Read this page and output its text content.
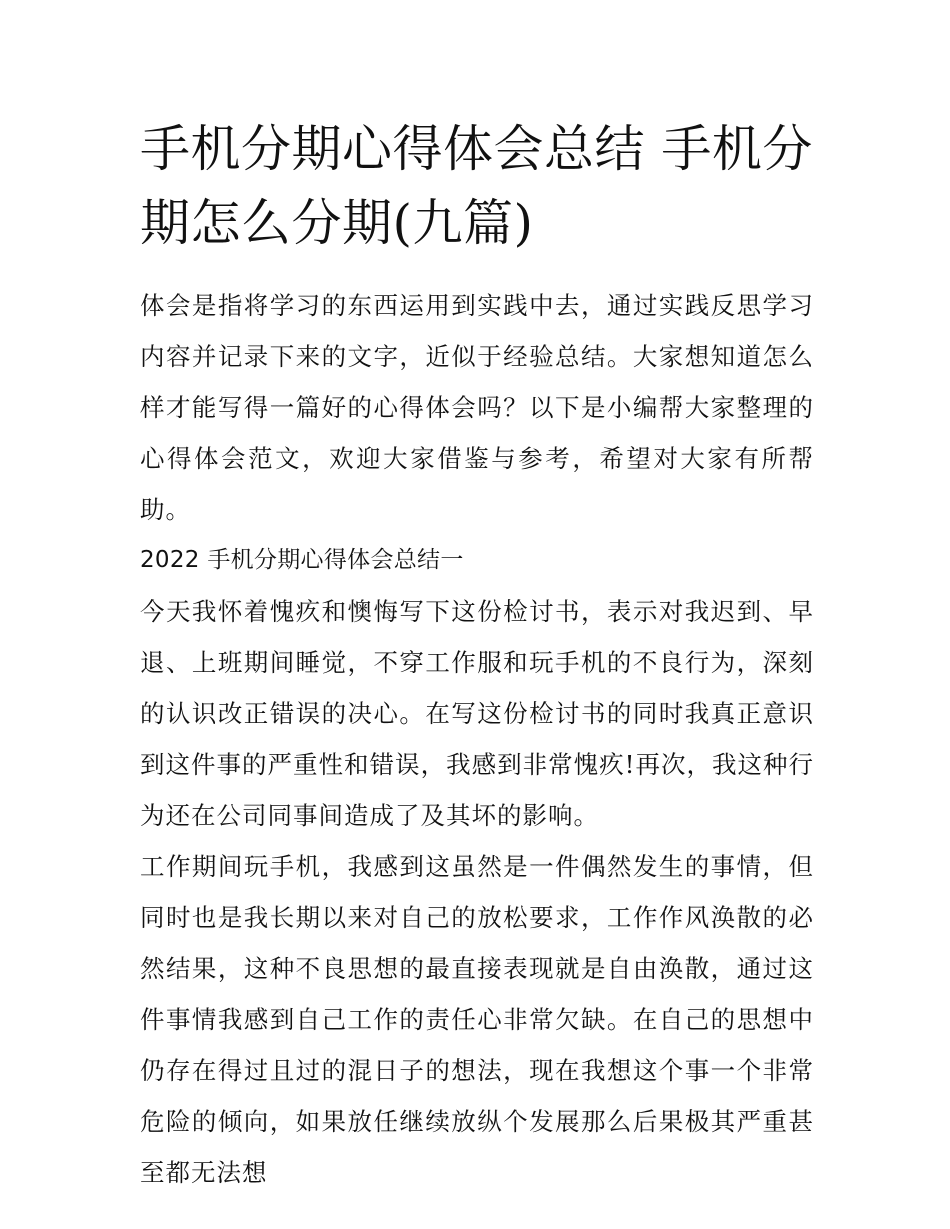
手机分期心得体会总结 手机分期怎么分期(九篇)

体会是指将学习的东西运用到实践中去，通过实践反思学习内容并记录下来的文字，近似于经验总结。大家想知道怎么样才能写得一篇好的心得体会吗？以下是小编帮大家整理的心得体会范文，欢迎大家借鉴与参考，希望对大家有所帮助。

2022 手机分期心得体会总结一

今天我怀着愧疚和懊悔写下这份检讨书，表示对我迟到、早退、上班期间睡觉，不穿工作服和玩手机的不良行为，深刻的认识改正错误的决心。在写这份检讨书的同时我真正意识到这件事的严重性和错误，我感到非常愧疚!再次，我这种行为还在公司同事间造成了及其坏的影响。

工作期间玩手机，我感到这虽然是一件偶然发生的事情，但同时也是我长期以来对自己的放松要求，工作作风涣散的必然结果，这种不良思想的最直接表现就是自由涣散，通过这件事情我感到自己工作的责任心非常欠缺。在自己的思想中仍存在得过且过的混日子的想法，现在我想这个事一个非常危险的倾向，如果放任继续放纵个发展那么后果极其严重甚至都无法想
